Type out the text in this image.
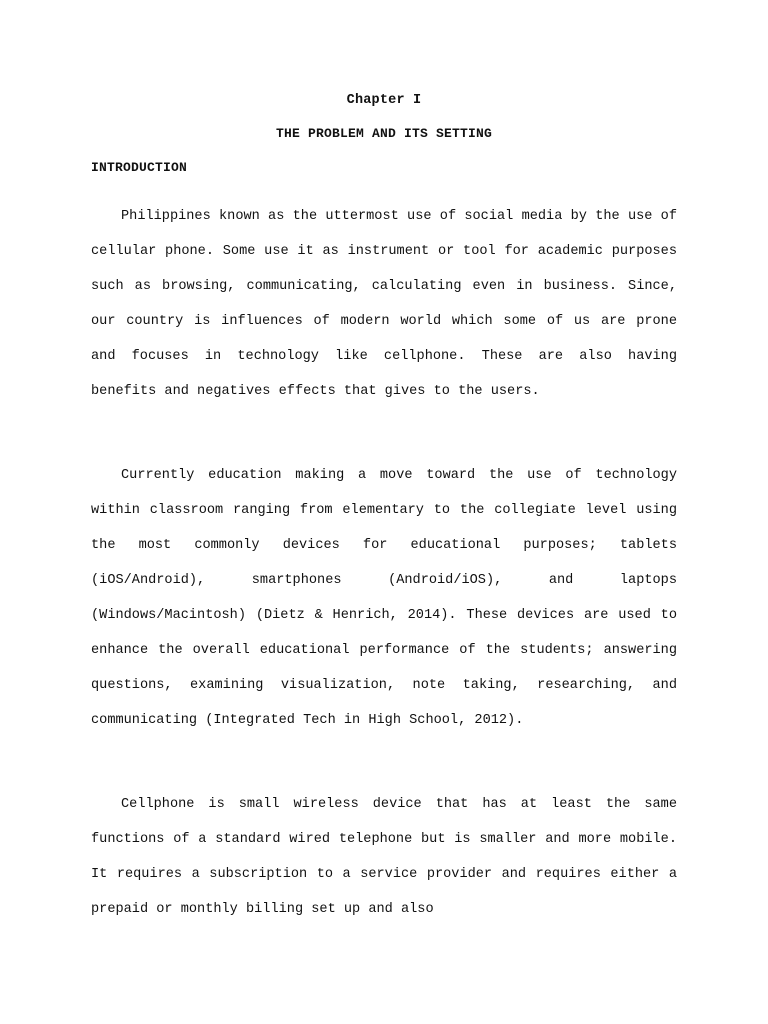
Chapter I
THE PROBLEM AND ITS SETTING
INTRODUCTION

Philippines known as the uttermost use of social media by the use of cellular phone. Some use it as instrument or tool for academic purposes such as browsing, communicating, calculating even in business. Since, our country is influences of modern world which some of us are prone and focuses in technology like cellphone. These are also having benefits and negatives effects that gives to the users.

Currently education making a move toward the use of technology within classroom ranging from elementary to the collegiate level using the most commonly devices for educational purposes; tablets (iOS/Android), smartphones (Android/iOS), and laptops (Windows/Macintosh) (Dietz & Henrich, 2014). These devices are used to enhance the overall educational performance of the students; answering questions, examining visualization, note taking, researching, and communicating (Integrated Tech in High School, 2012).

Cellphone is small wireless device that has at least the same functions of a standard wired telephone but is smaller and more mobile. It requires a subscription to a service provider and requires either a prepaid or monthly billing set up and also
